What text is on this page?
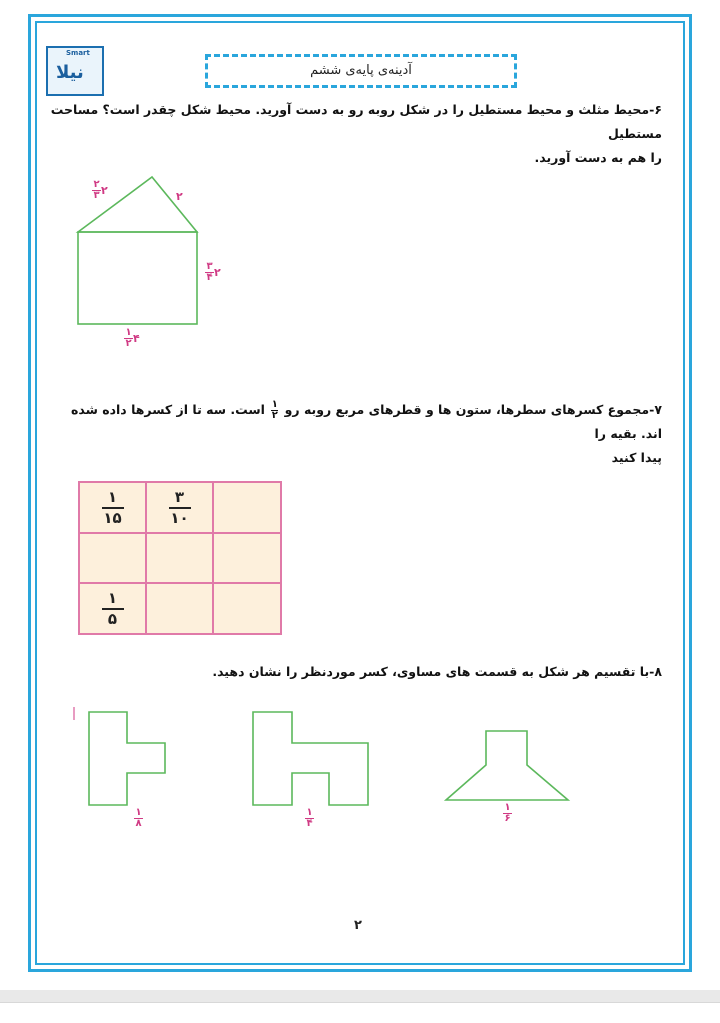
Smart
نیلا	آدینه‌ی پایه‌ی ششم
۶-محیط مثلث و محیط مستطیل را در شکل روبه رو به دست آورید. محیط شکل چقدر است؟ مساحت مستطیل
را هم به دست آورید.
۲
۲
۳	۲
۲
۳
۴
۴
۱
۲
۷-مجموع کسرهای سطرها، ستون ها و قطرهای مربع روبه رو
$\frac{۱}{۲}$
است. سه تا از کسرها داده شده اند. بقیه را
پیدا کنید
۱
۱۵
۳
۱۰
۱
۵
۸-با تقسیم هر شکل به قسمت های مساوی، کسر موردنظر را نشان دهید.
۱
۸
۱
۴
۱
۶
۲
